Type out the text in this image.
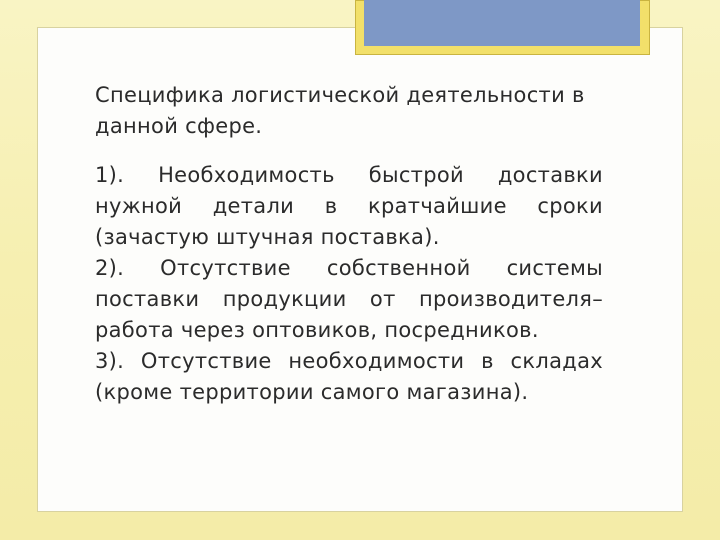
Специфика логистической деятельности в данной сфере.

1). Необходимость быстрой доставки нужной детали в кратчайшие сроки (зачастую штучная поставка).

2). Отсутствие собственной системы поставки продукции от производителя– работа через оптовиков, посредников.

3). Отсутствие необходимости в складах (кроме территории самого магазина).
